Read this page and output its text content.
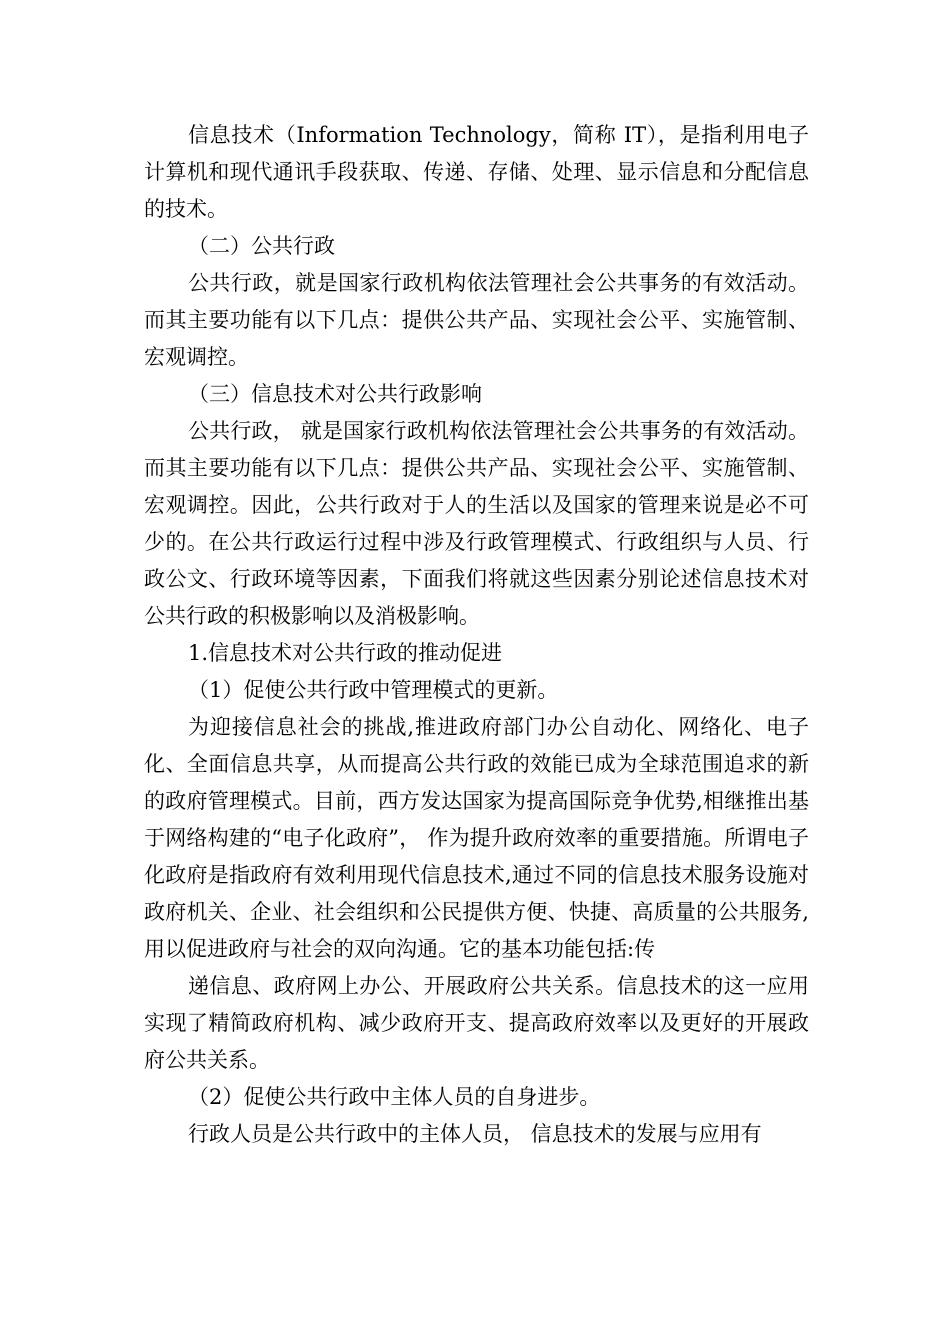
信息技术（Information Technology，简称 IT），是指利用电子计算机和现代通讯手段获取、传递、存储、处理、显示信息和分配信息的技术。

（二）公共行政

公共行政，就是国家行政机构依法管理社会公共事务的有效活动。而其主要功能有以下几点：提供公共产品、实现社会公平、实施管制、宏观调控。

（三）信息技术对公共行政影响

公共行政， 就是国家行政机构依法管理社会公共事务的有效活动。而其主要功能有以下几点：提供公共产品、实现社会公平、实施管制、宏观调控。因此，公共行政对于人的生活以及国家的管理来说是必不可少的。在公共行政运行过程中涉及行政管理模式、行政组织与人员、行政公文、行政环境等因素，下面我们将就这些因素分别论述信息技术对公共行政的积极影响以及消极影响。

1.信息技术对公共行政的推动促进

（1）促使公共行政中管理模式的更新。

为迎接信息社会的挑战,推进政府部门办公自动化、网络化、电子化、全面信息共享，从而提高公共行政的效能已成为全球范围追求的新的政府管理模式。目前，西方发达国家为提高国际竞争优势,相继推出基于网络构建的“电子化政府”， 作为提升政府效率的重要措施。所谓电子化政府是指政府有效利用现代信息技术,通过不同的信息技术服务设施对政府机关、企业、社会组织和公民提供方便、快捷、高质量的公共服务,用以促进政府与社会的双向沟通。它的基本功能包括:传

递信息、政府网上办公、开展政府公共关系。信息技术的这一应用实现了精简政府机构、减少政府开支、提高政府效率以及更好的开展政府公共关系。

（2）促使公共行政中主体人员的自身进步。

行政人员是公共行政中的主体人员， 信息技术的发展与应用有
